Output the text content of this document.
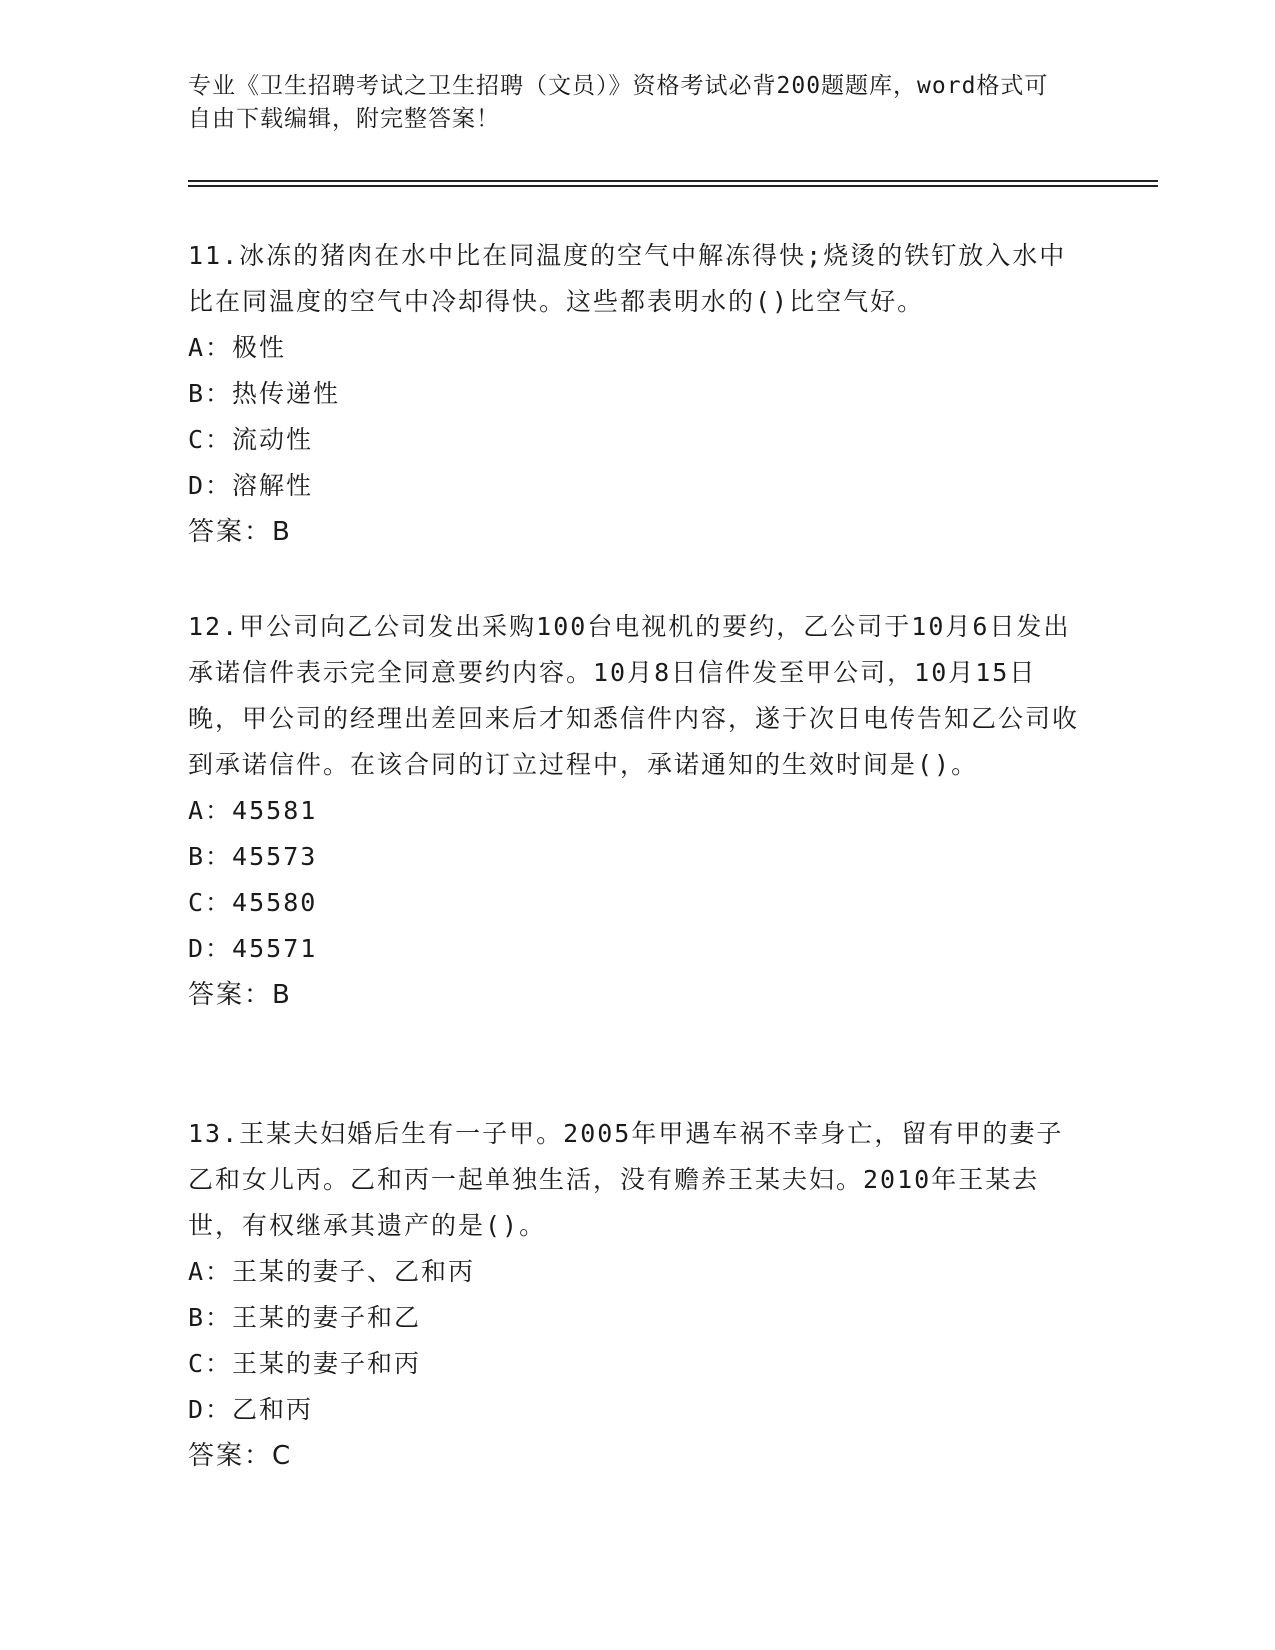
专业《卫生招聘考试之卫生招聘（文员）》资格考试必背200题题库，word格式可自由下载编辑，附完整答案！

11.冰冻的猪肉在水中比在同温度的空气中解冻得快;烧烫的铁钉放入水中比在同温度的空气中冷却得快。这些都表明水的()比空气好。

A：极性

B：热传递性

C：流动性

D：溶解性

答案：B

12.甲公司向乙公司发出采购100台电视机的要约，乙公司于10月6日发出承诺信件表示完全同意要约内容。10月8日信件发至甲公司，10月15日晚，甲公司的经理出差回来后才知悉信件内容，遂于次日电传告知乙公司收到承诺信件。在该合同的订立过程中，承诺通知的生效时间是()。

A：45581

B：45573

C：45580

D：45571

答案：B

13.王某夫妇婚后生有一子甲。2005年甲遇车祸不幸身亡，留有甲的妻子乙和女儿丙。乙和丙一起单独生活，没有赡养王某夫妇。2010年王某去世，有权继承其遗产的是()。

A：王某的妻子、乙和丙

B：王某的妻子和乙

C：王某的妻子和丙

D：乙和丙

答案：C
